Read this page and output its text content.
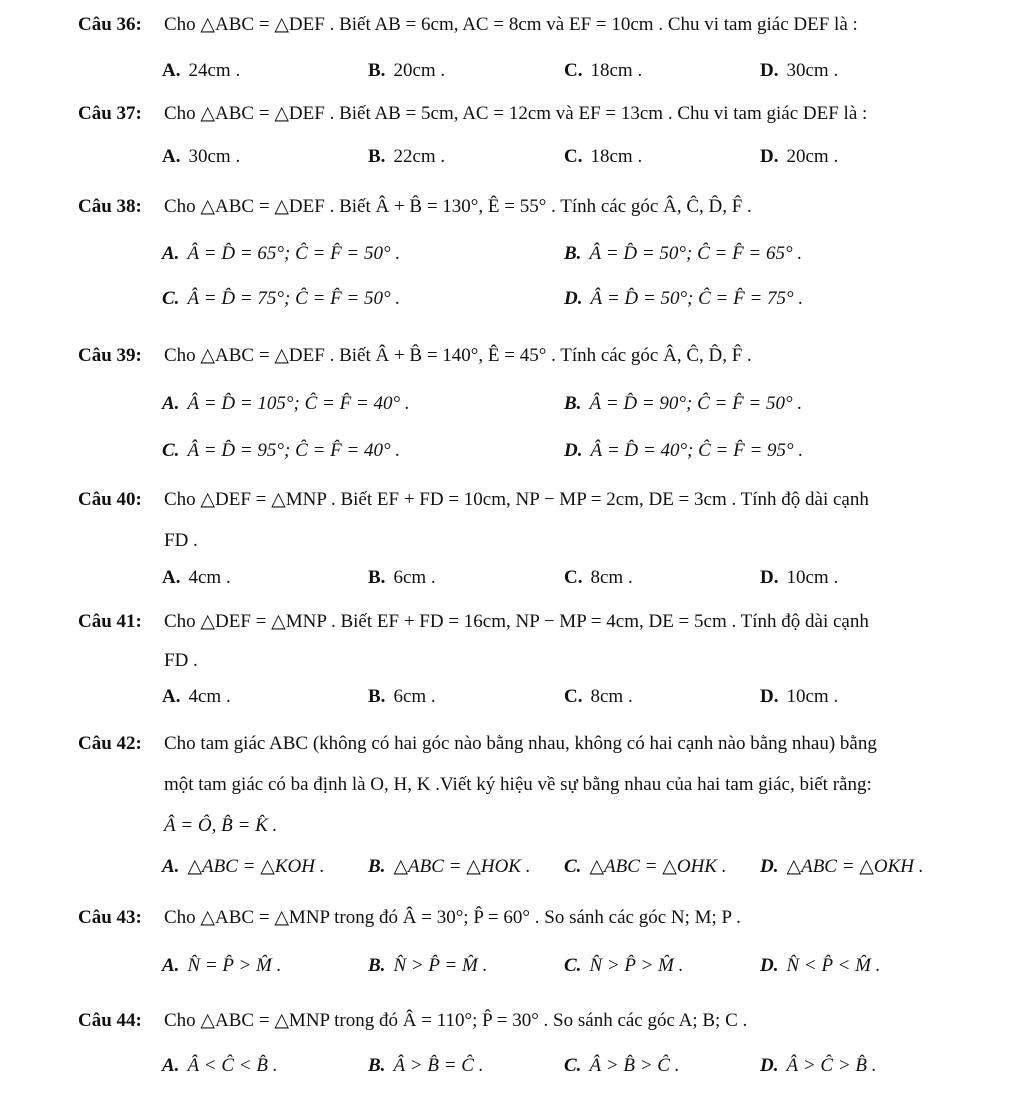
Câu 36: Cho △ABC = △DEF . Biết AB = 6cm, AC = 8cm và EF = 10cm . Chu vi tam giác DEF là :
A. 24cm .	B. 20cm .	C. 18cm .	D. 30cm .
Câu 37: Cho △ABC = △DEF . Biết AB = 5cm, AC = 12cm và EF = 13cm . Chu vi tam giác DEF là :
A. 30cm .	B. 22cm .	C. 18cm .	D. 20cm .
Câu 38: Cho △ABC = △DEF . Biết Â + B̂ = 130°, Ê = 55° . Tính các góc Â, Ĉ, D̂, F̂ .
A. Â = D̂ = 65°; Ĉ = F̂ = 50° .	B. Â = D̂ = 50°; Ĉ = F̂ = 65° .
C. Â = D̂ = 75°; Ĉ = F̂ = 50° .	D. Â = D̂ = 50°; Ĉ = F̂ = 75° .
Câu 39: Cho △ABC = △DEF . Biết Â + B̂ = 140°, Ê = 45° . Tính các góc Â, Ĉ, D̂, F̂ .
A. Â = D̂ = 105°; Ĉ = F̂ = 40° .	B. Â = D̂ = 90°; Ĉ = F̂ = 50° .
C. Â = D̂ = 95°; Ĉ = F̂ = 40° .	D. Â = D̂ = 40°; Ĉ = F̂ = 95° .
Câu 40: Cho △DEF = △MNP . Biết EF + FD = 10cm, NP − MP = 2cm, DE = 3cm . Tính độ dài cạnh
FD .
A. 4cm .	B. 6cm .	C. 8cm .	D. 10cm .
Câu 41: Cho △DEF = △MNP . Biết EF + FD = 16cm, NP − MP = 4cm, DE = 5cm . Tính độ dài cạnh
FD .
A. 4cm .	B. 6cm .	C. 8cm .	D. 10cm .
Câu 42: Cho tam giác ABC (không có hai góc nào bằng nhau, không có hai cạnh nào bằng nhau) bằng
một tam giác có ba định là O, H, K .Viết ký hiệu về sự bằng nhau của hai tam giác, biết rằng:
Â = Ô, B̂ = K̂ .
A. △ABC = △KOH . B. △ABC = △HOK . C. △ABC = △OHK . D. △ABC = △OKH .
Câu 43: Cho △ABC = △MNP trong đó Â = 30°; P̂ = 60° . So sánh các góc N; M; P .
A. N̂ = P̂ > M̂ .	B. N̂ > P̂ = M̂ .	C. N̂ > P̂ > M̂ .	D. N̂ < P̂ < M̂ .
Câu 44: Cho △ABC = △MNP trong đó Â = 110°; P̂ = 30° . So sánh các góc A; B; C .
A. Â < Ĉ < B̂ .	B. Â > B̂ = Ĉ .	C. Â > B̂ > Ĉ .	D. Â > Ĉ > B̂ .
